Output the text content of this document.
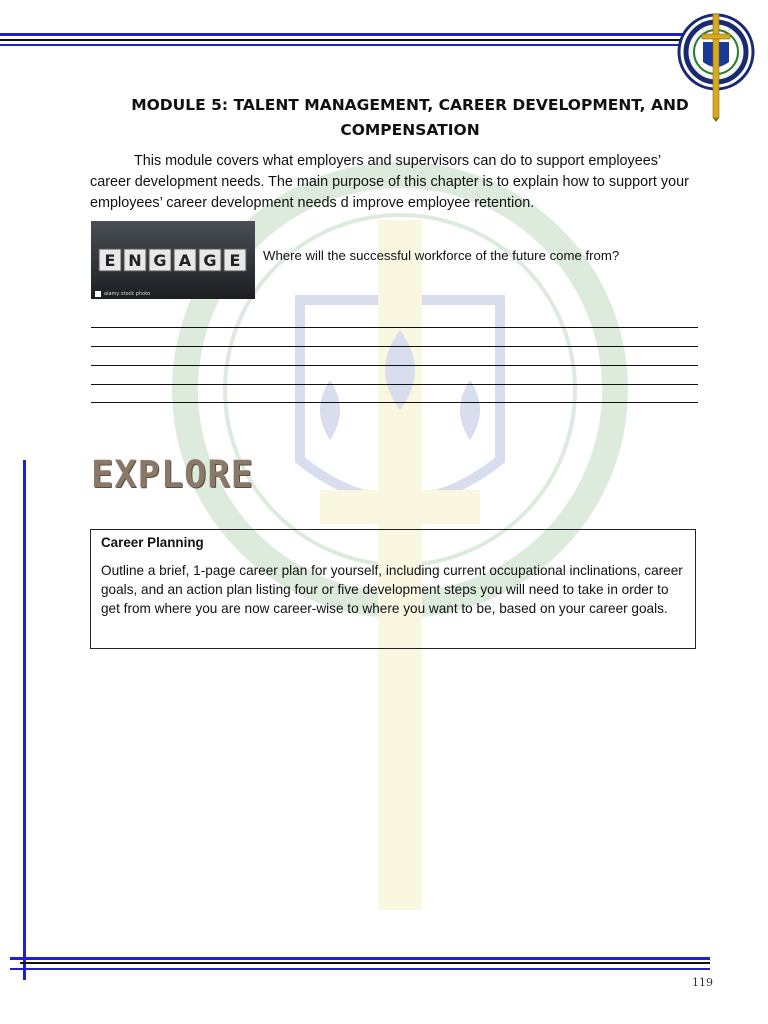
MODULE 5: TALENT MANAGEMENT, CAREER DEVELOPMENT, AND COMPENSATION
This module covers what employers and supervisors can do to support employees’ career development needs. The main purpose of this chapter is to explain how to support your employees’ career development needs d improve employee retention.
E N G A G E
alamy stock photo
Where will the successful workforce of the future come from?
EXPLORE
Career Planning
Outline a brief, 1-page career plan for yourself, including current occupational inclinations, career goals, and an action plan listing four or five development steps you will need to take in order to get from where you are now career-wise to where you want to be, based on your career goals.
119
